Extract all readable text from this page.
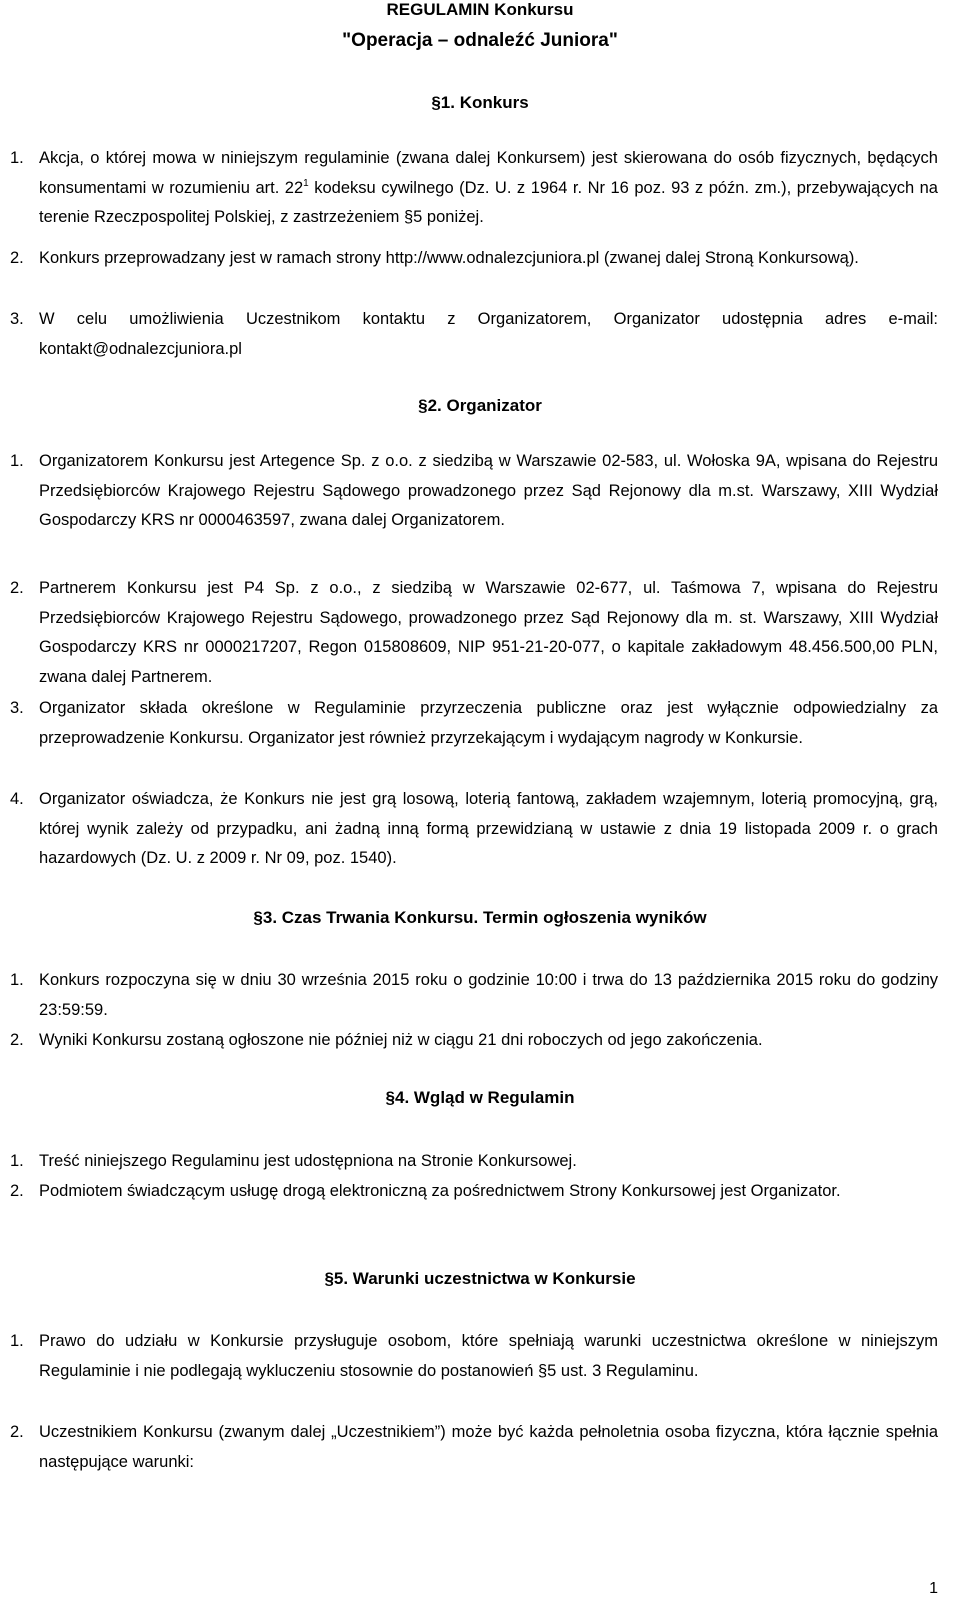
REGULAMIN Konkursu
"Operacja – odnaleźć Juniora"
§1. Konkurs
1. Akcja, o której mowa w niniejszym regulaminie (zwana dalej Konkursem) jest skierowana do osób fizycznych, będących konsumentami w rozumieniu art. $22^1$ kodeksu cywilnego (Dz. U. z 1964 r. Nr 16 poz. 93 z późn. zm.), przebywających na terenie Rzeczpospolitej Polskiej, z zastrzeżeniem §5 poniżej.
2. Konkurs przeprowadzany jest w ramach strony http://www.odnalezcjuniora.pl (zwanej dalej Stroną Konkursową).
3. W celu umożliwienia Uczestnikom kontaktu z Organizatorem, Organizator udostępnia adres e-mail: kontakt@odnalezcjuniora.pl
§2. Organizator
1. Organizatorem Konkursu jest Artegence Sp. z o.o. z siedzibą w Warszawie 02-583, ul. Wołoska 9A, wpisana do Rejestru Przedsiębiorców Krajowego Rejestru Sądowego prowadzonego przez Sąd Rejonowy dla m.st. Warszawy, XIII Wydział Gospodarczy KRS nr 0000463597, zwana dalej Organizatorem.
2. Partnerem Konkursu jest P4 Sp. z o.o., z siedzibą w Warszawie 02-677, ul. Taśmowa 7, wpisana do Rejestru Przedsiębiorców Krajowego Rejestru Sądowego, prowadzonego przez Sąd Rejonowy dla m. st. Warszawy, XIII Wydział Gospodarczy KRS nr 0000217207, Regon 015808609, NIP 951-21-20-077, o kapitale zakładowym 48.456.500,00 PLN, zwana dalej Partnerem.
3. Organizator składa określone w Regulaminie przyrzeczenia publiczne oraz jest wyłącznie odpowiedzialny za przeprowadzenie Konkursu. Organizator jest również przyrzekającym i wydającym nagrody w Konkursie.
4. Organizator oświadcza, że Konkurs nie jest grą losową, loterią fantową, zakładem wzajemnym, loterią promocyjną, grą, której wynik zależy od przypadku, ani żadną inną formą przewidzianą w ustawie z dnia 19 listopada 2009 r. o grach hazardowych (Dz. U. z 2009 r. Nr 09, poz. 1540).
§3. Czas Trwania Konkursu. Termin ogłoszenia wyników
1. Konkurs rozpoczyna się w dniu 30 września 2015 roku o godzinie 10:00 i trwa do 13 października 2015 roku do godziny 23:59:59.
2. Wyniki Konkursu zostaną ogłoszone nie później niż w ciągu 21 dni roboczych od jego zakończenia.
§4. Wgląd w Regulamin
1. Treść niniejszego Regulaminu jest udostępniona na Stronie Konkursowej.
2. Podmiotem świadczącym usługę drogą elektroniczną za pośrednictwem Strony Konkursowej jest Organizator.
§5. Warunki uczestnictwa w Konkursie
1. Prawo do udziału w Konkursie przysługuje osobom, które spełniają warunki uczestnictwa określone w niniejszym Regulaminie i nie podlegają wykluczeniu stosownie do postanowień §5 ust. 3 Regulaminu.
2. Uczestnikiem Konkursu (zwanym dalej „Uczestnikiem”) może być każda pełnoletnia osoba fizyczna, która łącznie spełnia następujące warunki:
1
